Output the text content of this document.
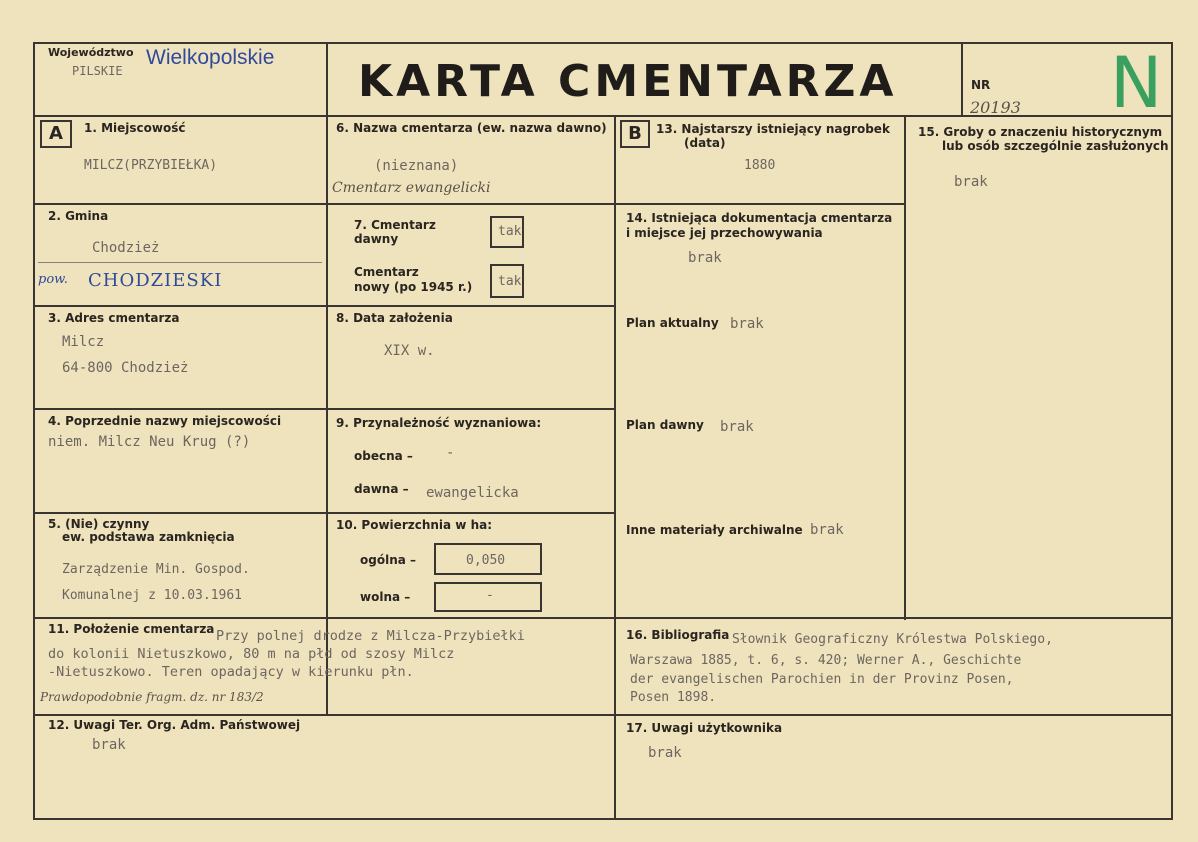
Województwo
PILSKIE
Wielkopolskie KARTA CMENTARZA	NR
20193 N
A	1. Miejscowość
MILCZ(PRZYBIEŁKA)
2. Gmina
Chodzież
pow. CHODZIESKI
3. Adres cmentarza
Milcz
64-800 Chodzież
4. Poprzednie nazwy miejscowości
niem. Milcz Neu Krug (?)
5. (Nie) czynny
ew. podstawa zamknięcia
Zarządzenie Min. Gospod.
Komunalnej z 10.03.1961
6. Nazwa cmentarza (ew. nazwa dawno)
(nieznana)
Cmentarz ewangelicki
7. Cmentarz
dawny	tak
Cmentarz
nowy (po 1945 r.) tak
8. Data założenia
XIX w.
9. Przynależność wyznaniowa:
obecna – -
dawna – ewangelicka
10. Powierzchnia w ha:
ogólna –	0,050
wolna –	-
B	13. Najstarszy istniejący nagrobek
(data)
1880
14. Istniejąca dokumentacja cmentarza
i miejsce jej przechowywania
brak
Plan aktualny brak
Plan dawny brak
Inne materiały archiwalne brak
15. Groby o znaczeniu historycznym
lub osób szczególnie zasłużonych
brak
11. Położenie cmentarza Przy polnej drodze z Milcza-Przybiełki
do kolonii Nietuszkowo, 80 m na płd od szosy Milcz
-Nietuszkowo. Teren opadający w kierunku płn.
Prawdopodobnie fragm. dz. nr 183/2
12. Uwagi Ter. Org. Adm. Państwowej
brak
16. Bibliografia Słownik Geograficzny Królestwa Polskiego,
Warszawa 1885, t. 6, s. 420; Werner A., Geschichte
der evangelischen Parochien in der Provinz Posen,
Posen 1898.
17. Uwagi użytkownika
brak
